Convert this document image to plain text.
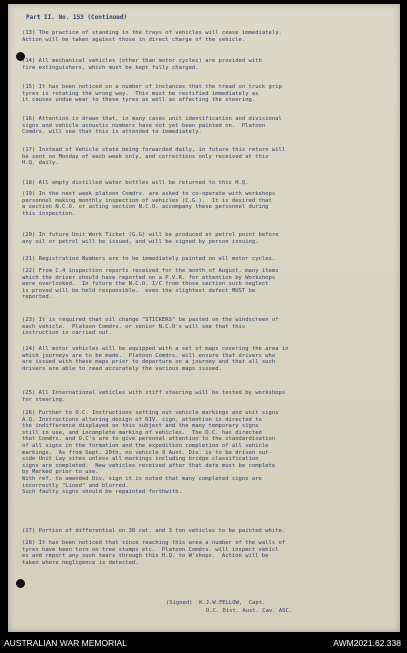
Part II. No. 153 (Continued)
(13) The practice of standing in the trays of vehicles will cease immediately.
Action will be taken against those in direct charge of the vehicle.
(14) All mechanical vehicles (other than motor cycles) are provided with
fire extinguishers, which must be kept fully charged.
(15) It has been noticed on a number of instances that the tread on truck grip
tyres is rotating the wrong way.  This must be rectified immediately as
it causes undue wear to these tyres as well as affecting the steering.
(16) Attention is drawn that, in many cases unit identification and divisional
signs and vehicle acoustic numbers have not yet been painted on.  Platoon
Comdrs. will see that this is attended to immediately.
(17) Instead of Vehicle state being forwarded daily, in future this return will
be sent on Monday of each week only, and corrections only received at this
H.Q. daily.
(18) All empty distilled water bottles will be returned to this H.Q.
(19) In the next week platoon Comdrs. are asked to co-operate with workshops
personnel making monthly inspection of vehicles (C.G.).  It is desired that
a section N.C.O. or acting section N.C.O. accompany these personnel during
this inspection.
(20) In future Unit Work Ticket (G.G) will be produced at petrol point before
any oil or petrol will be issued, and will be signed by person issuing.
(21) Registration Numbers are to be immediately painted on all motor cycles.
(22) From C.4 inspection reports received for the month of August, many items
which the driver should have reported on a P.V.R. for attention by Workshops
were overlooked.  In future the N.C.O. I/C from those section such neglect
is proved will be held responsible.  even the slightest defect MUST be
reported.
(23) It is required that oil change "STICKERS" be pasted on the windscreen of
each vehicle.  Platoon Comdrs. or senior N.C.O's will see that this
instruction is carried out.
(24) All motor vehicles will be equipped with a set of maps covering the area in
which journeys are to be made.  Platoon Comdrs. will ensure that drivers who
are issued with these maps prior to departure on a journey and that all such
drivers are able to read accurately the various maps issued.
(25) All International vehicles with stiff steering will be tested by workshops
for steering.
(26) Further to O.C. Instructions setting out vehicle markings and unit signs
A.Q. Instructions altering design of DIV. sign, attention is directed to
the indifference displayed on this subject and the many temporary signs
still in use, and incomplete marking of vehicles.  The O.C. has directed
that Comdrs. and O.C's are to give personal attention to the standardisation
of all signs in the formation and the expedition completion of all vehicle
markings.  As from Sept. 20th, no vehicle 9 Aust. Div. is to be driven out-
side Unit Lay sites unless all markings including bridge classification
signs are completed.  New vehicles received after that date must be complete
by Marked prior to use.
With ref. to amended Div. sign it is noted that many completed signs are
incorrectly "Lined" and blurred.
Such faulty signs should be repainted forthwith.
(27) Portion of differential on 30 cwt. and 3 ton vehicles to be painted white.
(28) It has been noticed that since reaching this area a number of the walls of
tyres have been torn on tree stumps etc.  Platoon Comdrs. will inspect vehicl
es and report any such tears through this H.Q. to W'shops.  Action will be
taken where negligence is detected.
(Signed)  K.J.W.FELLOW,  Capt.
O.C. Dist. Aust. Cav. ASC.
AUSTRALIAN WAR MEMORIAL	AWM2021.62.338
